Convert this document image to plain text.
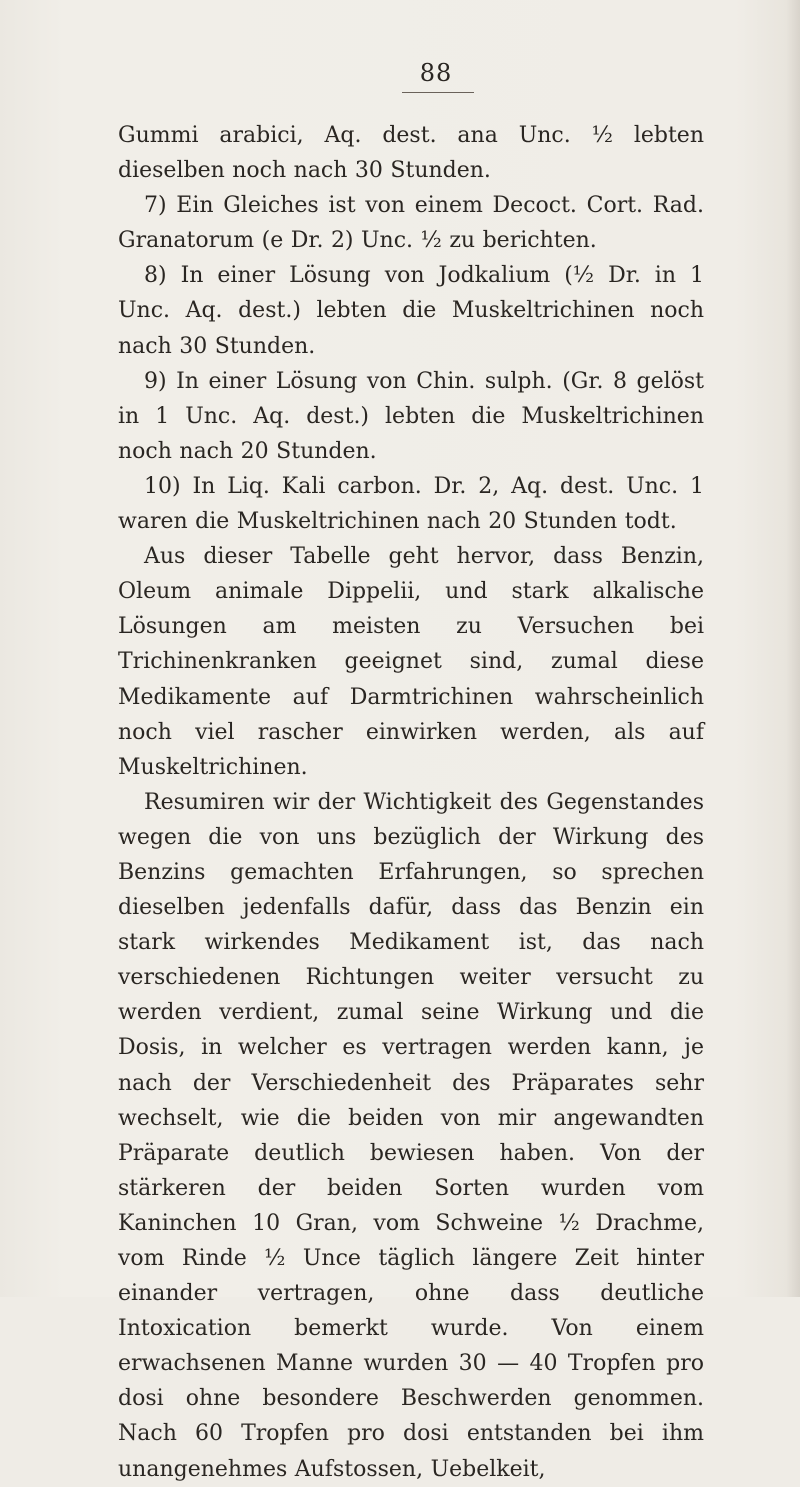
88

Gummi arabici, Aq. dest. ana Unc. ½ lebten dieselben noch nach 30 Stunden.

7) Ein Gleiches ist von einem Decoct. Cort. Rad. Granatorum (e Dr. 2) Unc. ½ zu berichten.

8) In einer Lösung von Jodkalium (½ Dr. in 1 Unc. Aq. dest.) lebten die Muskeltrichinen noch nach 30 Stunden.

9) In einer Lösung von Chin. sulph. (Gr. 8 gelöst in 1 Unc. Aq. dest.) lebten die Muskeltrichinen noch nach 20 Stunden.

10) In Liq. Kali carbon. Dr. 2, Aq. dest. Unc. 1 waren die Muskeltrichinen nach 20 Stunden todt.

Aus dieser Tabelle geht hervor, dass Benzin, Oleum animale Dippelii, und stark alkalische Lösungen am meisten zu Versuchen bei Trichinenkranken geeignet sind, zumal diese Medikamente auf Darmtrichinen wahrscheinlich noch viel rascher einwirken werden, als auf Muskeltrichinen.

Resumiren wir der Wichtigkeit des Gegenstandes wegen die von uns bezüglich der Wirkung des Benzins gemachten Erfahrungen, so sprechen dieselben jedenfalls dafür, dass das Benzin ein stark wirkendes Medikament ist, das nach verschiedenen Richtungen weiter versucht zu werden verdient, zumal seine Wirkung und die Dosis, in welcher es vertragen werden kann, je nach der Verschiedenheit des Präparates sehr wechselt, wie die beiden von mir angewandten Präparate deutlich bewiesen haben. Von der stärkeren der beiden Sorten wurden vom Kaninchen 10 Gran, vom Schweine ½ Drachme, vom Rinde ½ Unce täglich längere Zeit hinter einander vertragen, ohne dass deutliche Intoxication bemerkt wurde. Von einem erwachsenen Manne wurden 30 — 40 Tropfen pro dosi ohne besondere Beschwerden genommen. Nach 60 Tropfen pro dosi entstanden bei ihm unangenehmes Aufstossen, Uebelkeit,
